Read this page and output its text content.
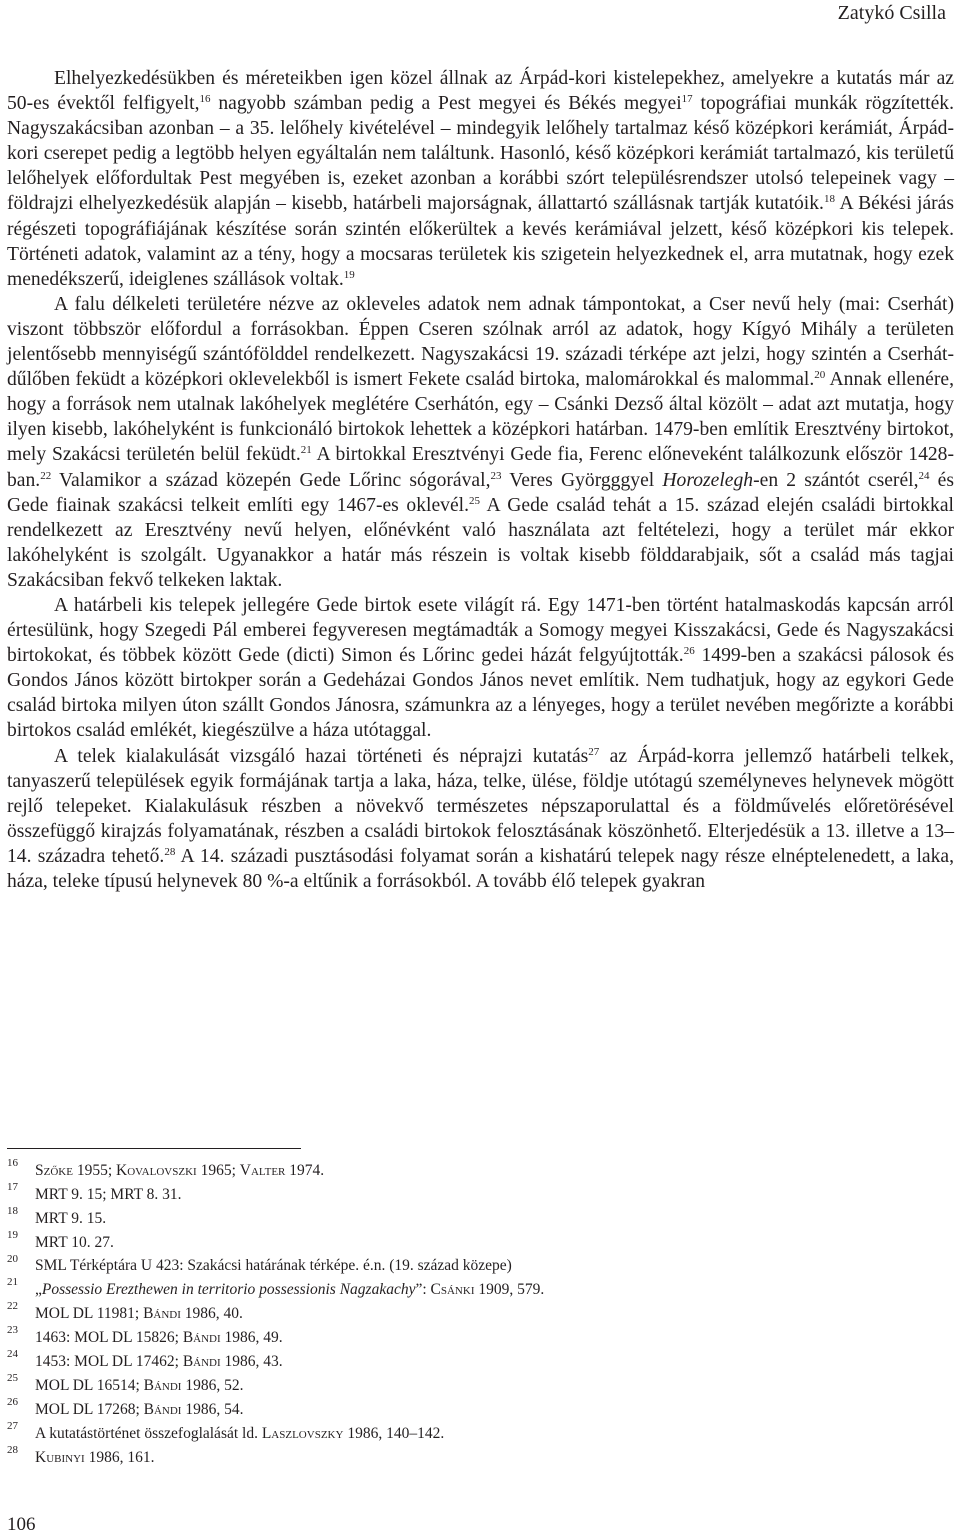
Zatykó Csilla

Elhelyezkedésükben és méreteikben igen közel állnak az Árpád-kori kistelepekhez, amelyekre a kutatás már az 50-es évektől felfigyelt,$^{16}$ nagyobb számban pedig a Pest megyei és Békés megyei$^{17}$ topográfiai munkák rögzítették. Nagyszakácsiban azonban – a 35. lelőhely kivételével – mindegyik lelőhely tartalmaz késő középkori kerámiát, Árpád-kori cserepet pedig a legtöbb helyen egyáltalán nem találtunk. Hasonló, késő középkori kerámiát tartalmazó, kis területű lelőhelyek előfordultak Pest megyében is, ezeket azonban a korábbi szórt településrendszer utolsó telepeinek vagy – földrajzi elhelyezkedésük alapján – kisebb, határbeli majorságnak, állattartó szállásnak tartják kutatóik.$^{18}$ A Békési járás régészeti topográfiájának készítése során szintén előkerültek a kevés kerámiával jelzett, késő középkori kis telepek. Történeti adatok, valamint az a tény, hogy a mocsaras területek kis szigetein helyezkednek el, arra mutatnak, hogy ezek menedékszerű, ideiglenes szállások voltak.$^{19}$

A falu délkeleti területére nézve az okleveles adatok nem adnak támpontokat, a Cser nevű hely (mai: Cserhát) viszont többször előfordul a forrásokban. Éppen Cseren szólnak arról az adatok, hogy Kígyó Mihály a területen jelentősebb mennyiségű szántófölddel rendelkezett. Nagyszakácsi 19. századi térképe azt jelzi, hogy szintén a Cserhát-dűlőben feküdt a középkori oklevelekből is ismert Fekete család birtoka, malomárokkal és malommal.$^{20}$ Annak ellenére, hogy a források nem utalnak lakóhelyek meglétére Cserhátón, egy – Csánki Dezső által közölt – adat azt mutatja, hogy ilyen kisebb, lakóhelyként is funkcionáló birtokok lehettek a középkori határban. 1479-ben említik Eresztvény birtokot, mely Szakácsi területén belül feküdt.$^{21}$ A birtokkal Eresztvényi Gede fia, Ferenc előneveként találkozunk először 1428-ban.$^{22}$ Valamikor a század közepén Gede Lőrinc sógorával,$^{23}$ Veres Györgggyel Horozelegh-en 2 szántót cserél,$^{24}$ és Gede fiainak szakácsi telkeit említi egy 1467-es oklevél.$^{25}$ A Gede család tehát a 15. század elején családi birtokkal rendelkezett az Eresztvény nevű helyen, előnévként való használata azt feltételezi, hogy a terület már ekkor lakóhelyként is szolgált. Ugyanakkor a határ más részein is voltak kisebb földdarabjaik, sőt a család más tagjai Szakácsiban fekvő telkeken laktak.

A határbeli kis telepek jellegére Gede birtok esete világít rá. Egy 1471-ben történt hatalmaskodás kapcsán arról értesülünk, hogy Szegedi Pál emberei fegyveresen megtámadták a Somogy megyei Kisszakácsi, Gede és Nagyszakácsi birtokokat, és többek között Gede (dicti) Simon és Lőrinc gedei házát felgyújtották.$^{26}$ 1499-ben a szakácsi pálosok és Gondos János között birtokper során a Gedeházai Gondos János nevet említik. Nem tudhatjuk, hogy az egykori Gede család birtoka milyen úton szállt Gondos Jánosra, számunkra az a lényeges, hogy a terület nevében megőrizte a korábbi birtokos család emlékét, kiegészülve a háza utótaggal.

A telek kialakulását vizsgáló hazai történeti és néprajzi kutatás$^{27}$ az Árpád-korra jellemző határbeli telkek, tanyaszerű települések egyik formájának tartja a laka, háza, telke, ülése, földje utótagú személyneves helynevek mögött rejlő telepeket. Kialakulásuk részben a növekvő természetes népszaporulattal és a földművelés előretörésével összefüggő kirajzás folyamatának, részben a családi birtokok felosztásának köszönhető. Elterjedésük a 13. illetve a 13–14. századra tehető.$^{28}$ A 14. századi pusztásodási folyamat során a kishatárú telepek nagy része elnéptelenedett, a laka, háza, teleke típusú helynevek 80 %-a eltűnik a forrásokból. A tovább élő telepek gyakran

16	Szőke 1955; Kovalovszki 1965; Valter 1974.
17	MRT 9. 15; MRT 8. 31.
18	MRT 9. 15.
19	MRT 10. 27.
20	SML Térképtára U 423: Szakácsi határának térképe. é.n. (19. század közepe)
21	„Possessio Erezthewen in territorio possessionis Nagzakachy”: Csánki 1909, 579.
22	MOL DL 11981; Bándi 1986, 40.
23	1463: MOL DL 15826; Bándi 1986, 49.
24	1453: MOL DL 17462; Bándi 1986, 43.
25	MOL DL 16514; Bándi 1986, 52.
26	MOL DL 17268; Bándi 1986, 54.
27	A kutatástörténet összefoglalását ld. Laszlovszky 1986, 140–142.
28	Kubinyi 1986, 161.
106
